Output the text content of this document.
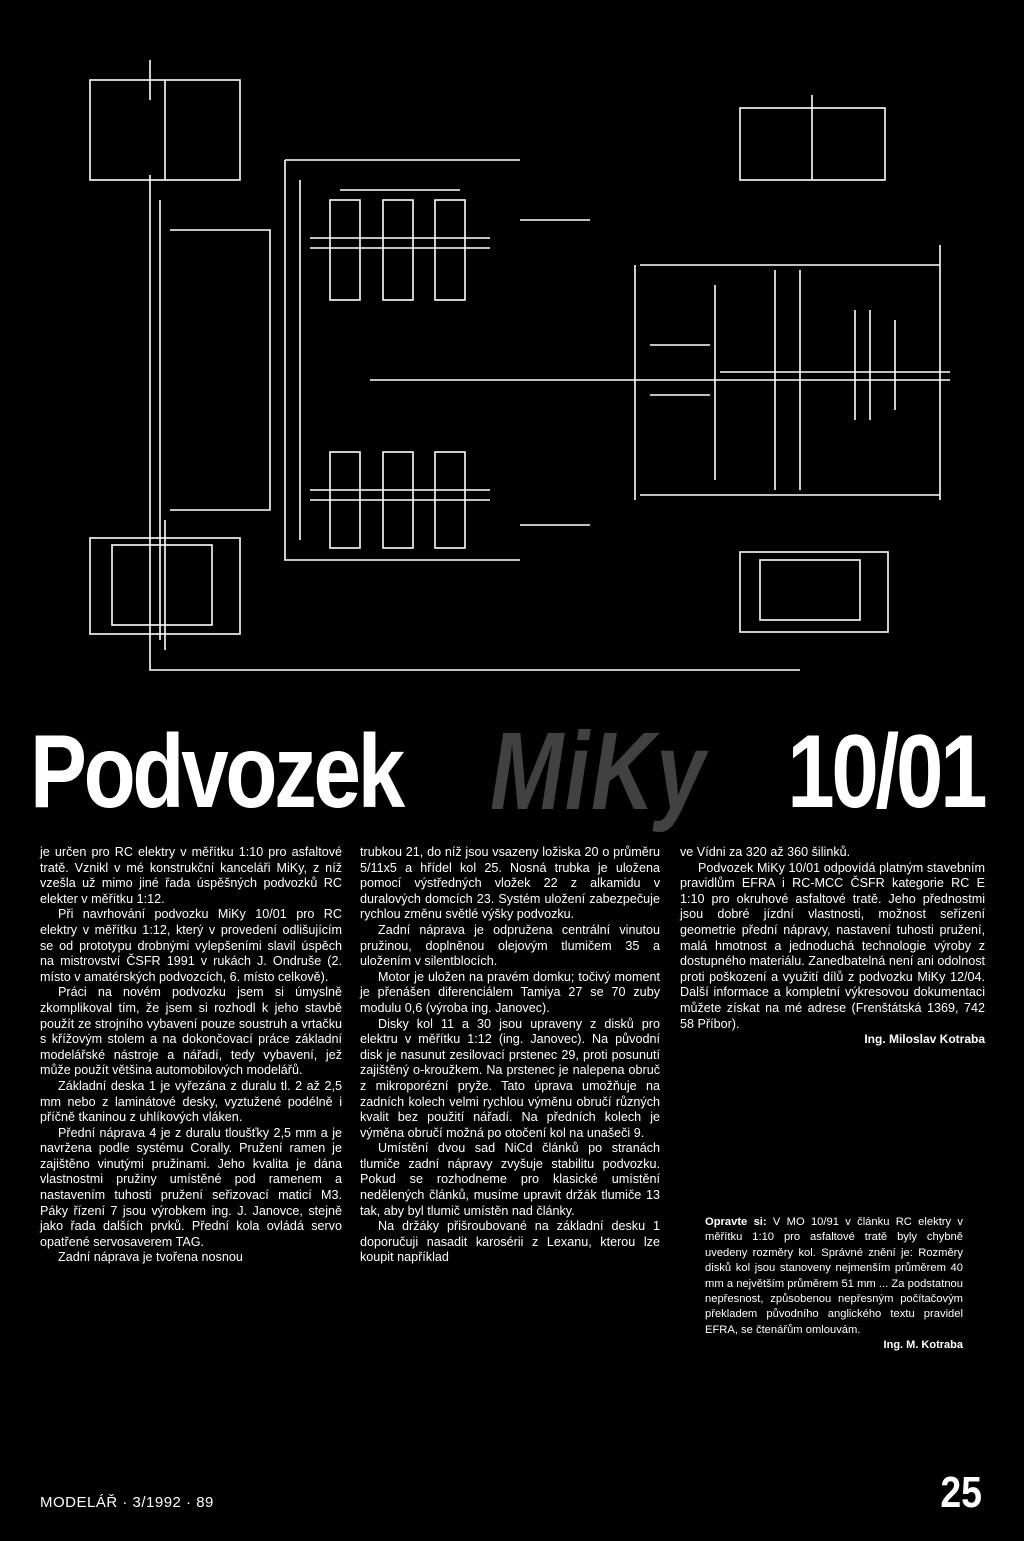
Podvozek MiKy 10/01

je určen pro RC elektry v měřítku 1:10 pro asfaltové tratě. Vznikl v mé konstrukční kanceláři MiKy, z níž vzešla už mimo jiné řada úspěšných podvozků RC elekter v měřítku 1:12.

Při navrhování podvozku MiKy 10/01 pro RC elektry v měřítku 1:12, který v provedení odlišujícím se od prototypu drobnými vylepšeními slavil úspěch na mistrovství ČSFR 1991 v rukách J. Ondruše (2. místo v amatérských podvozcích, 6. místo celkově).

Práci na novém podvozku jsem si úmyslně zkomplikoval tím, že jsem si rozhodl k jeho stavbě použít ze strojního vybavení pouze soustruh a vrtačku s křížovým stolem a na dokončovací práce základní modelářské nástroje a nářadí, tedy vybavení, jež může použít většina automobilových modelářů.

Základní deska 1 je vyřezána z duralu tl. 2 až 2,5 mm nebo z laminátové desky, vyztužené podélně i příčně tkaninou z uhlíkových vláken.

Přední náprava 4 je z duralu tloušťky 2,5 mm a je navržena podle systému Corally. Pružení ramen je zajištěno vinutými pružinami. Jeho kvalita je dána vlastnostmi pružiny umístěné pod ramenem a nastavením tuhosti pružení seřizovací maticí M3. Páky řízení 7 jsou výrobkem ing. J. Janovce, stejně jako řada dalších prvků. Přední kola ovládá servo opatřené servosaverem TAG.

Zadní náprava je tvořena nosnou

trubkou 21, do níž jsou vsazeny ložiska 20 o průměru 5/11x5 a hřídel kol 25. Nosná trubka je uložena pomocí výstředných vložek 22 z alkamidu v duralových domcích 23. Systém uložení zabezpečuje rychlou změnu světlé výšky podvozku.

Zadní náprava je odpružena centrální vinutou pružinou, doplněnou olejovým tlumičem 35 a uložením v silentblocích.

Motor je uložen na pravém domku; točivý moment je přenášen diferenciálem Tamiya 27 se 70 zuby modulu 0,6 (výroba ing. Janovec).

Disky kol 11 a 30 jsou upraveny z disků pro elektru v měřítku 1:12 (ing. Janovec). Na původní disk je nasunut zesilovací prstenec 29, proti posunutí zajištěný o-kroužkem. Na prstenec je nalepena obruč z mikroporézní pryže. Tato úprava umožňuje na zadních kolech velmi rychlou výměnu obručí různých kvalit bez použití nářadí. Na předních kolech je výměna obručí možná po otočení kol na unašeči 9.

Umístění dvou sad NiCd článků po stranách tlumiče zadní nápravy zvyšuje stabilitu podvozku. Pokud se rozhodneme pro klasické umístění nedělených článků, musíme upravit držák tlumiče 13 tak, aby byl tlumič umístěn nad články.

Na držáky přišroubované na základní desku 1 doporučuji nasadit karosérii z Lexanu, kterou lze koupit například

ve Vídni za 320 až 360 šilinků.

Podvozek MiKy 10/01 odpovídá platným stavebním pravidlům EFRA i RC-MCC ČSFR kategorie RC E 1:10 pro okruhové asfaltové tratě. Jeho přednostmi jsou dobré jízdní vlastnosti, možnost seřízení geometrie přední nápravy, nastavení tuhosti pružení, malá hmotnost a jednoduchá technologie výroby z dostupného materiálu. Zanedbatelná není ani odolnost proti poškození a využití dílů z podvozku MiKy 12/04. Další informace a kompletní výkresovou dokumentaci můžete získat na mé adrese (Frenštátská 1369, 742 58 Příbor).

Ing. Miloslav Kotraba

Opravte si: V MO 10/91 v článku RC elektry v měřítku 1:10 pro asfaltové tratě byly chybně uvedeny rozměry kol. Správné znění je: Rozměry disků kol jsou stanoveny nejmenším průměrem 40 mm a největším průměrem 51 mm ... Za podstatnou nepřesnost, způsobenou nepřesným počítačovým překladem původního anglického textu pravidel EFRA, se čtenářům omlouvám.

Ing. M. Kotraba

MODELÁŘ · 3/1992 · 89	25
